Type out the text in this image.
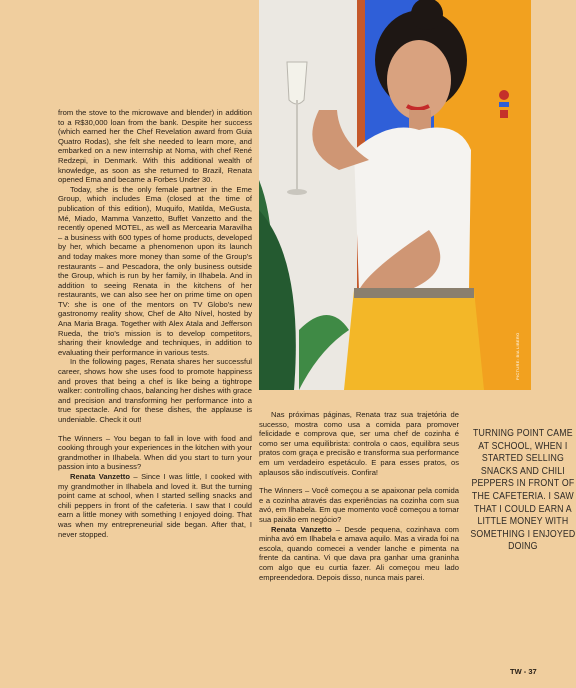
from the stove to the microwave and blender) in addition to a R$30,000 loan from the bank. Despite her success (which earned her the Chef Revelation award from Guia Quatro Rodas), she felt she needed to learn more, and embarked on a new internship at Noma, with chef René Redzepi, in Denmark. With this additional wealth of knowledge, as soon as she returned to Brazil, Renata opened Ema and became a Forbes Under 30.

Today, she is the only female partner in the Eme Group, which includes Ema (closed at the time of publication of this edition), Muquifo, Matilda, MeGusta, Mé, Miado, Mamma Vanzetto, Buffet Vanzetto and the recently opened MOTEL, as well as Mercearia Maravilha – a business with 600 types of home products, developed by her, which became a phenomenon upon its launch and today makes more money than some of the Group's restaurants – and Pescadora, the only business outside the Group, which is run by her family, in Ilhabela. And in addition to seeing Renata in the kitchens of her restaurants, we can also see her on prime time on open TV: she is one of the mentors on TV Globo's new gastronomy reality show, Chef de Alto Nível, hosted by Ana Maria Braga. Together with Alex Atala and Jefferson Rueda, the trio's mission is to develop competitors, sharing their knowledge and techniques, in addition to evaluating their performance in various tests.

In the following pages, Renata shares her successful career, shows how she uses food to promote happiness and proves that being a chef is like being a tightrope walker: controlling chaos, balancing her dishes with grace and precision and transforming her performance into a true spectacle. And for these dishes, the applause is undeniable. Check it out!

The Winners – You began to fall in love with food and cooking through your experiences in the kitchen with your grandmother in Ilhabela. When did you start to turn your passion into a business?

Renata Vanzetto – Since I was little, I cooked with my grandmother in Ilhabela and loved it. But the turning point came at school, when I started selling snacks and chili peppers in front of the cafeteria. I saw that I could earn a little money with something I enjoyed doing. That was when my entrepreneurial side began. After that, I never stopped.

PICTURE: BIA LIBERO

Nas próximas páginas, Renata traz sua trajetória de sucesso, mostra como usa a comida para promover felicidade e comprova que, ser uma chef de cozinha é como ser uma equilibrista: controla o caos, equilibra seus pratos com graça e precisão e transforma sua performance em um verdadeiro espetáculo. E para esses pratos, os aplausos são indiscutíveis. Confira!

The Winners – Você começou a se apaixonar pela comida e a cozinha através das experiências na cozinha com sua avó, em Ilhabela. Em que momento você começou a tornar sua paixão em negócio?

Renata Vanzetto – Desde pequena, cozinhava com minha avó em Ilhabela e amava aquilo. Mas a virada foi na escola, quando comecei a vender lanche e pimenta na frente da cantina. Vi que dava pra ganhar uma graninha com algo que eu curtia fazer. Ali começou meu lado empreendedora. Depois disso, nunca mais parei.

TURNING POINT CAME AT SCHOOL, WHEN I STARTED SELLING SNACKS AND CHILI PEPPERS IN FRONT OF THE CAFETERIA. I SAW THAT I COULD EARN A LITTLE MONEY WITH SOMETHING I ENJOYED DOING
TW - 37
